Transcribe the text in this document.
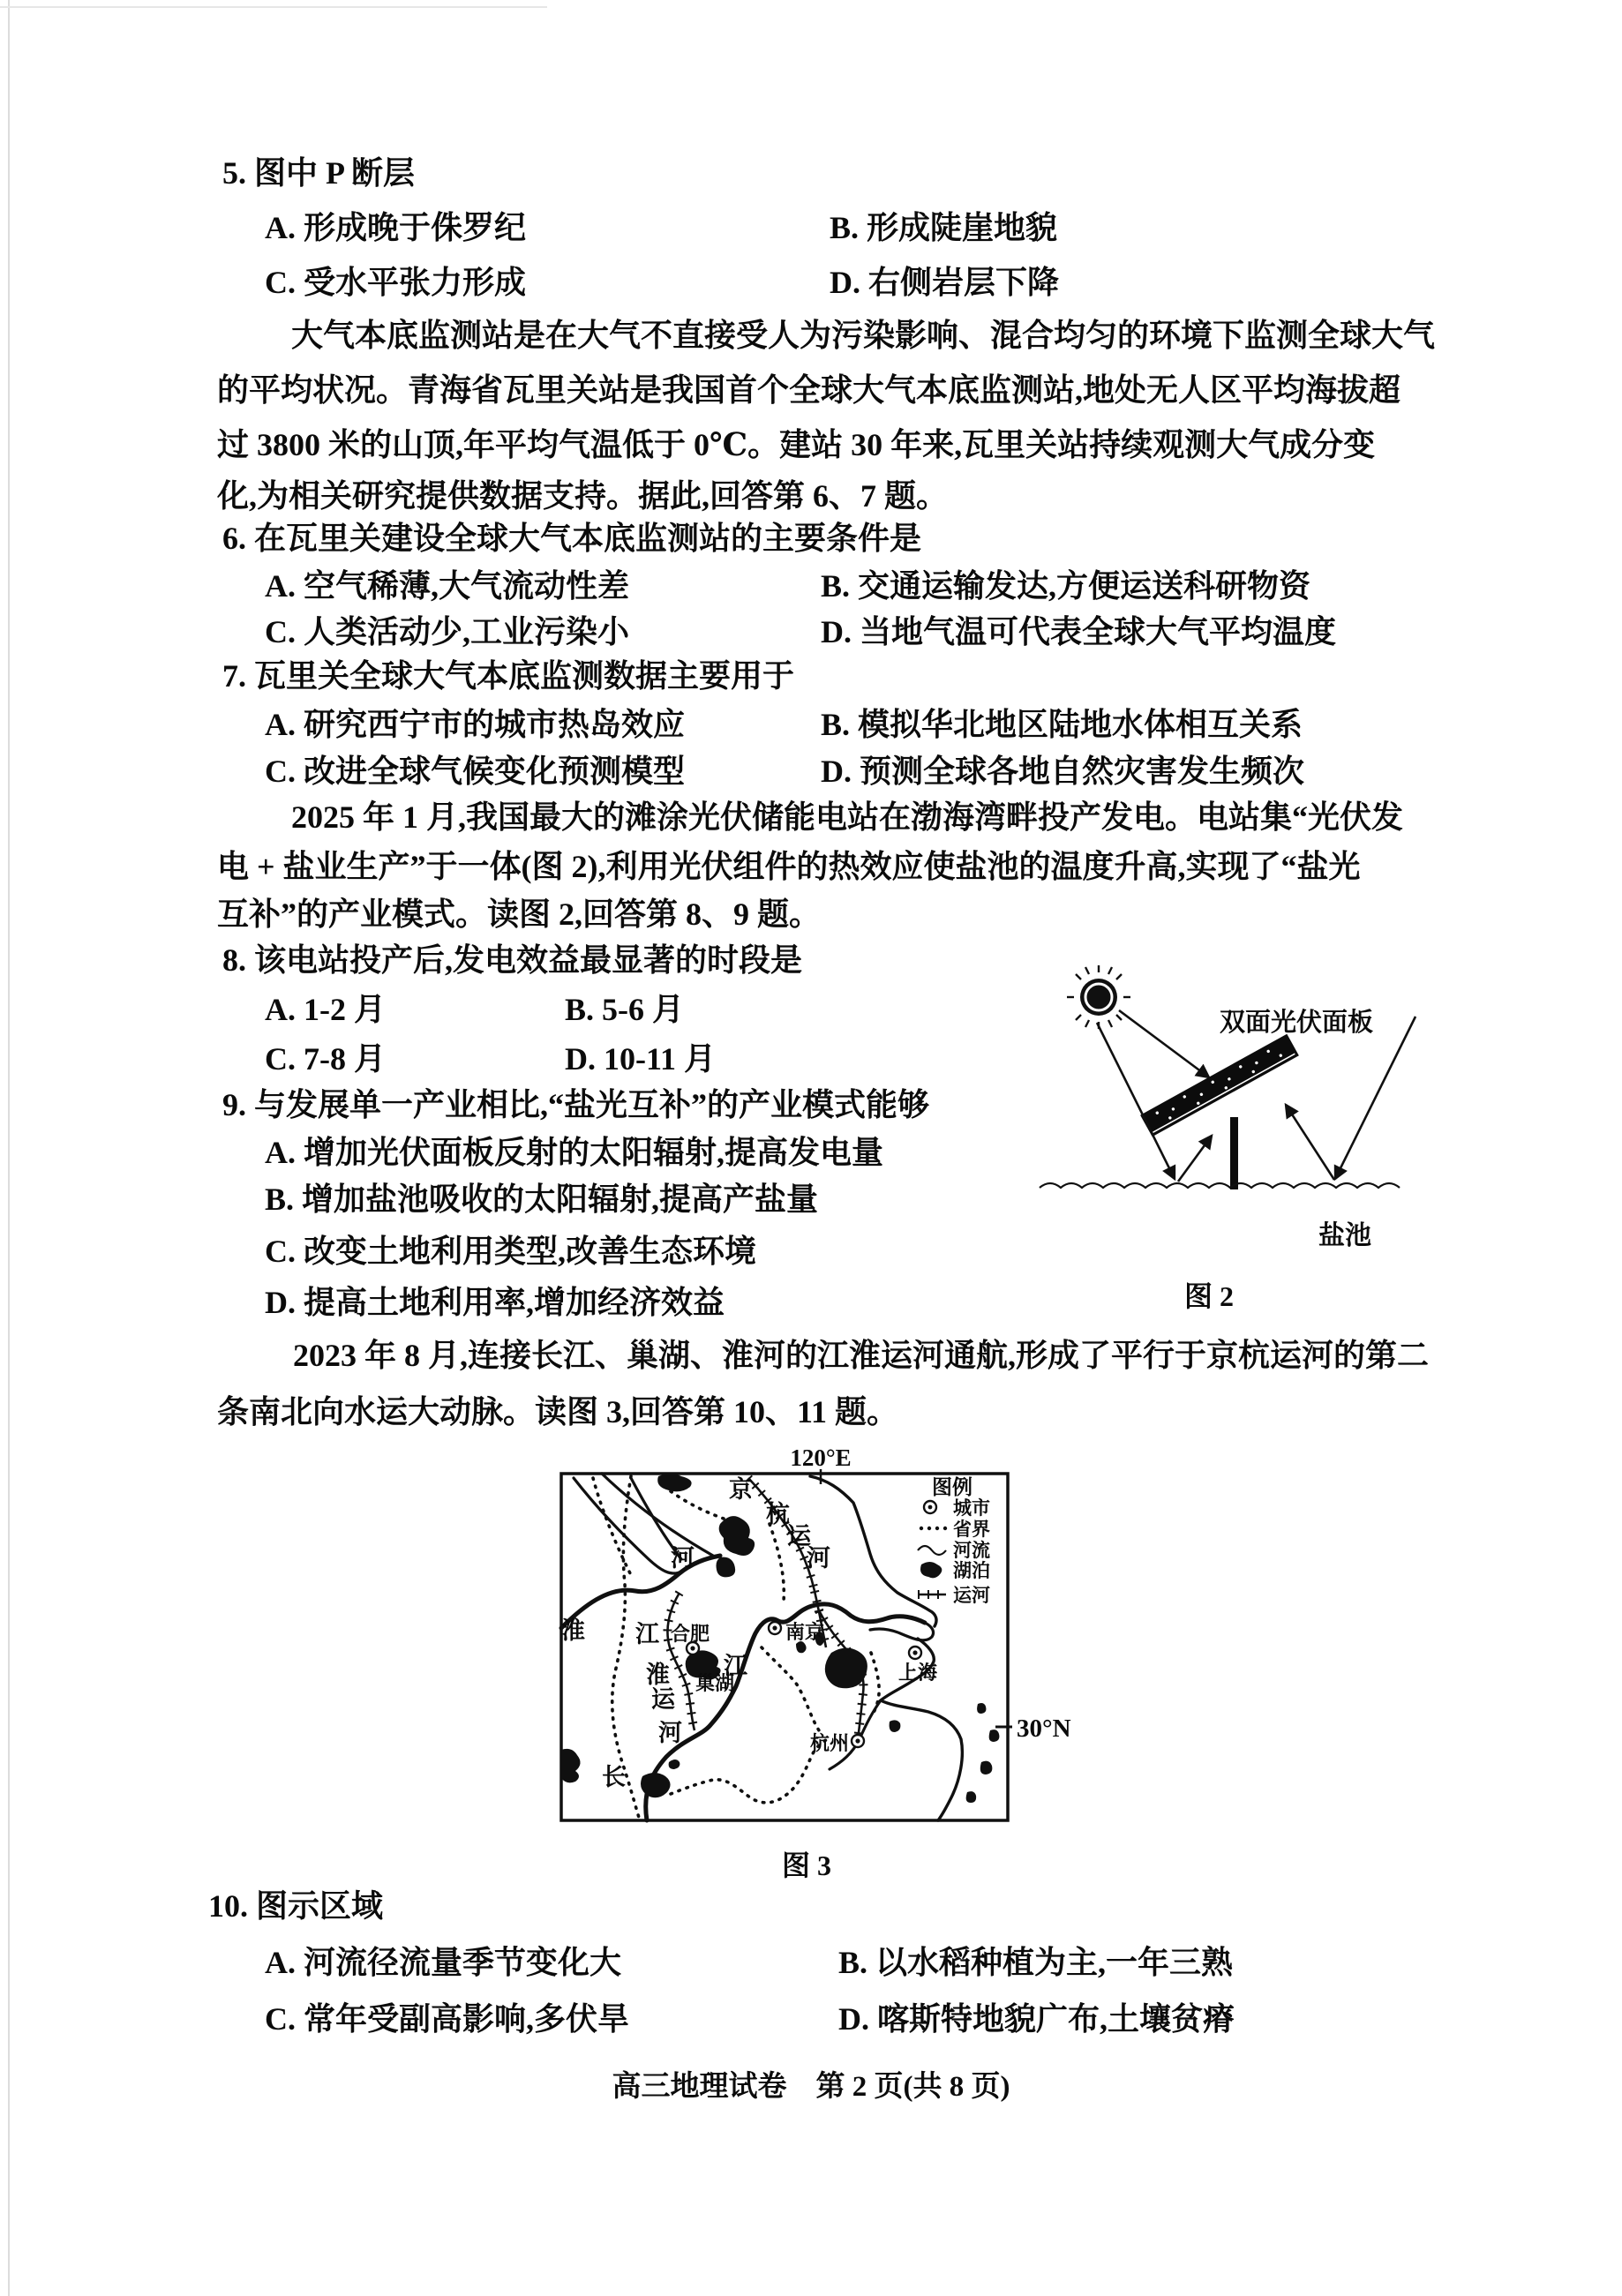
5. 图中 P 断层
A. 形成晚于侏罗纪	B. 形成陡崖地貌
C. 受水平张力形成	D. 右侧岩层下降
大气本底监测站是在大气不直接受人为污染影响、混合均匀的环境下监测全球大气
的平均状况。青海省瓦里关站是我国首个全球大气本底监测站,地处无人区平均海拔超
过 3800 米的山顶,年平均气温低于 0℃。建站 30 年来,瓦里关站持续观测大气成分变
化,为相关研究提供数据支持。据此,回答第 6、7 题。
6. 在瓦里关建设全球大气本底监测站的主要条件是
A. 空气稀薄,大气流动性差	B. 交通运输发达,方便运送科研物资
C. 人类活动少,工业污染小	D. 当地气温可代表全球大气平均温度
7. 瓦里关全球大气本底监测数据主要用于
A. 研究西宁市的城市热岛效应	B. 模拟华北地区陆地水体相互关系
C. 改进全球气候变化预测模型	D. 预测全球各地自然灾害发生频次
2025 年 1 月,我国最大的滩涂光伏储能电站在渤海湾畔投产发电。电站集“光伏发
电 + 盐业生产”于一体(图 2),利用光伏组件的热效应使盐池的温度升高,实现了“盐光
互补”的产业模式。读图 2,回答第 8、9 题。
8. 该电站投产后,发电效益最显著的时段是
A. 1-2 月	B. 5-6 月
C. 7-8 月	D. 10-11 月
9. 与发展单一产业相比,“盐光互补”的产业模式能够
A. 增加光伏面板反射的太阳辐射,提高发电量
B. 增加盐池吸收的太阳辐射,提高产盐量
C. 改变土地利用类型,改善生态环境
D. 提高土地利用率,增加经济效益
2023 年 8 月,连接长江、巢湖、淮河的江淮运河通航,形成了平行于京杭运河的第二
条南北向水运大动脉。读图 3,回答第 10、11 题。
盐池
双面光伏面板
图 2
120°E
30°N
京
杭
运
河
河
淮 江
淮
运
河
长
江
合肥
巢湖
南京
上海
杭州
图例
城市
省界
河流
湖泊
运河
图 3
10. 图示区域
A. 河流径流量季节变化大	B. 以水稻种植为主,一年三熟
C. 常年受副高影响,多伏旱	D. 喀斯特地貌广布,土壤贫瘠
高三地理试卷　第 2 页(共 8 页)
